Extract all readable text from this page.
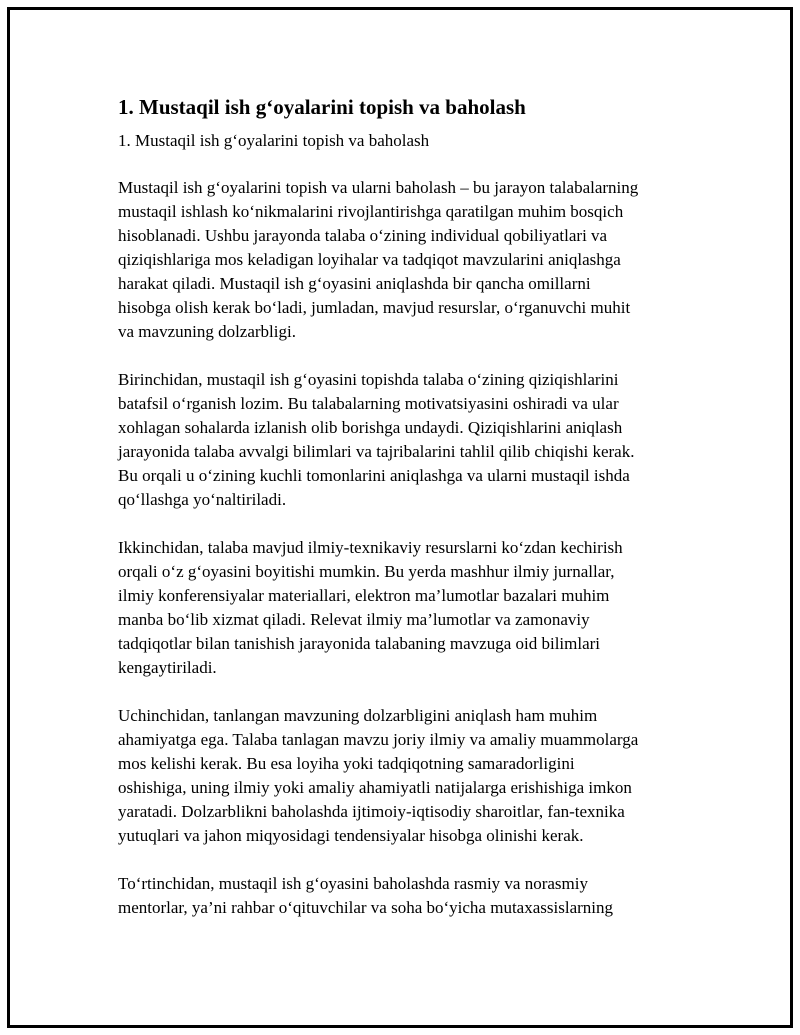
1. Mustaqil ish g‘oyalarini topish va baholash
1. Mustaqil ish g‘oyalarini topish va baholash

Mustaqil ish g‘oyalarini topish va ularni baholash – bu jarayon talabalarning
mustaqil ishlash ko‘nikmalarini rivojlantirishga qaratilgan muhim bosqich
hisoblanadi. Ushbu jarayonda talaba o‘zining individual qobiliyatlari va
qiziqishlariga mos keladigan loyihalar va tadqiqot mavzularini aniqlashga
harakat qiladi. Mustaqil ish g‘oyasini aniqlashda bir qancha omillarni
hisobga olish kerak bo‘ladi, jumladan, mavjud resurslar, o‘rganuvchi muhit
va mavzuning dolzarbligi.

Birinchidan, mustaqil ish g‘oyasini topishda talaba o‘zining qiziqishlarini
batafsil o‘rganish lozim. Bu talabalarning motivatsiyasini oshiradi va ular
xohlagan sohalarda izlanish olib borishga undaydi. Qiziqishlarini aniqlash
jarayonida talaba avvalgi bilimlari va tajribalarini tahlil qilib chiqishi kerak.
Bu orqali u o‘zining kuchli tomonlarini aniqlashga va ularni mustaqil ishda
qo‘llashga yo‘naltiriladi.

Ikkinchidan, talaba mavjud ilmiy-texnikaviy resurslarni ko‘zdan kechirish
orqali o‘z g‘oyasini boyitishi mumkin. Bu yerda mashhur ilmiy jurnallar,
ilmiy konferensiyalar materiallari, elektron ma’lumotlar bazalari muhim
manba bo‘lib xizmat qiladi. Relevat ilmiy ma’lumotlar va zamonaviy
tadqiqotlar bilan tanishish jarayonida talabaning mavzuga oid bilimlari
kengaytiriladi.

Uchinchidan, tanlangan mavzuning dolzarbligini aniqlash ham muhim
ahamiyatga ega. Talaba tanlagan mavzu joriy ilmiy va amaliy muammolarga
mos kelishi kerak. Bu esa loyiha yoki tadqiqotning samaradorligini
oshishiga, uning ilmiy yoki amaliy ahamiyatli natijalarga erishishiga imkon
yaratadi. Dolzarblikni baholashda ijtimoiy-iqtisodiy sharoitlar, fan-texnika
yutuqlari va jahon miqyosidagi tendensiyalar hisobga olinishi kerak.

To‘rtinchidan, mustaqil ish g‘oyasini baholashda rasmiy va norasmiy
mentorlar, ya’ni rahbar o‘qituvchilar va soha bo‘yicha mutaxassislarning
